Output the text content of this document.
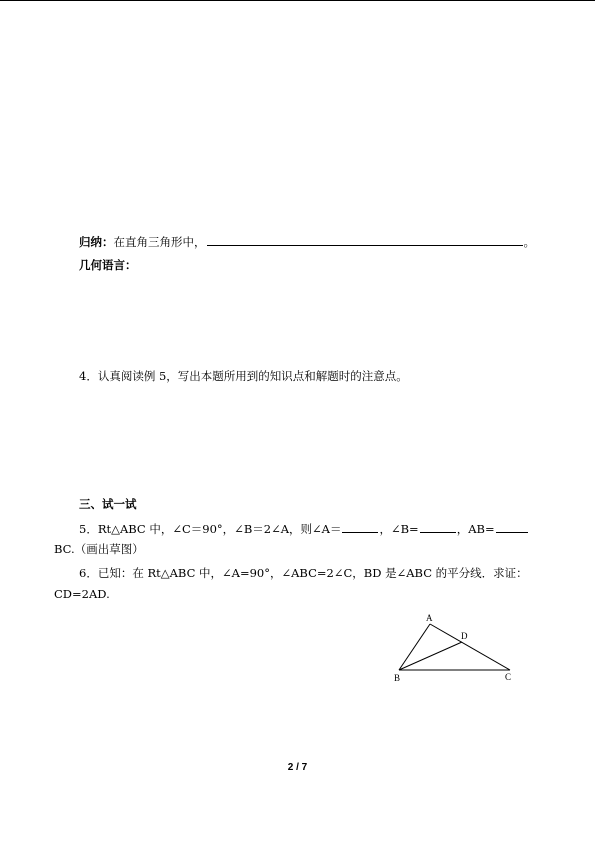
归纳：在直角三角形中，	。
几何语言：
4．认真阅读例 5，写出本题所用到的知识点和解题时的注意点。
三、试一试
5．Rt△ABC 中，∠C＝90°，∠B＝2∠A，则∠A＝	，∠B=	，AB=
BC.（画出草图）
6．已知：在 Rt△ABC 中，∠A=90°，∠ABC=2∠C，BD 是∠ABC 的平分线．求证：
CD=2AD.
A
B	C
D
2 / 7
